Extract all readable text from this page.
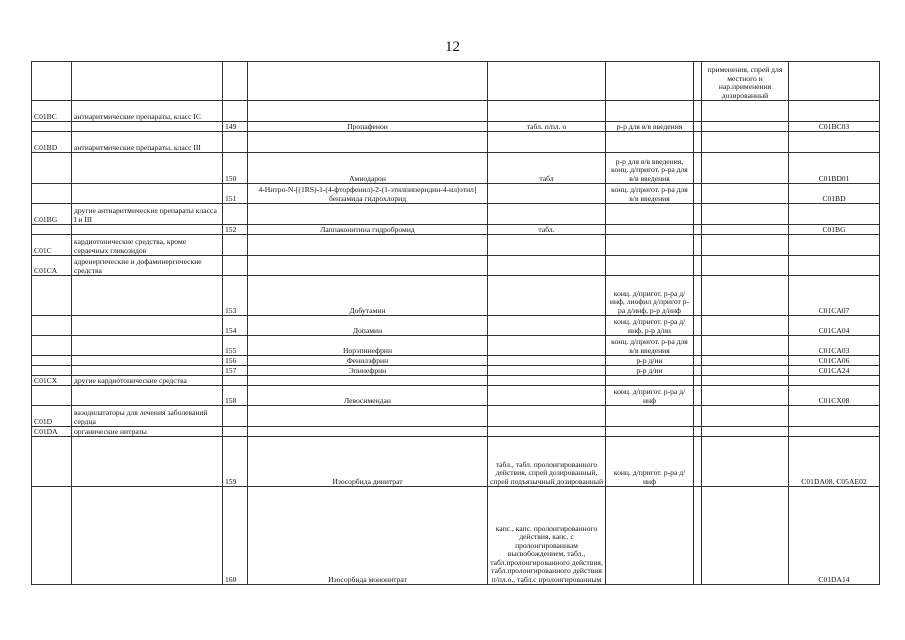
12
							применения, спрей для местного и нар.применения дозированный	
C01BC	антиаритмические препараты, класс IC							
		149	Пропафенон	табл. п/пл. о	р-р для в/в введения			C01BC03
C01BD	антиаритмические препараты, класс III							
		150	Амиодарон	табл	р-р для в/в введения, конц. д/пригот. р-ра для в/в введения			C01BD01
		151	4-Нитро-N-[(1RS)-1-(4-фторфенил)-2-(1-этилпиперидин-4-ил)этил] бензамида гидрохлорид		конц. д/пригот. р-ра для в/в введения			C01BD
C01BG	другие антиаритмические препараты класса I и III							
		152	Лаппаконитина гидробромид	табл.				C01BG
C01C	кардиотонические средства, кроме сердечных гликозидов							
C01CA	адренергические и дофаминергические средства							
		153	Добутамин		конц. д/пригот. р-ра д/инф, лиофил д/пригот р-ра д/инф, р-р д/инф			C01CA07
		154	Допамин		конц. д/пригот. р-ра д/инф, р-р д/ин			C01CA04
		155	Норэпинефрин		конц. д/пригот. р-ра для в/в введения			C01CA03
		156	Фенилэфрин		р-р д/ин			C01CA06
		157	Эпинефрин		р-р д/ин			C01CA24
C01CX	другие кардиотонические средства							
		158	Левосимендан		конц. д/пригот. р-ра д/инф			C01CX08
C01D	вазодилататоры для лечения заболеваний сердца							
C01DA	органические нитраты							
		159	Изосорбида динитрат	табл., табл. пролонгированного действия, спрей дозированный, спрей подъязычный дозированный	конц. д/пригот. р-ра д/инф			C01DA08, C05AE02
		160	Изосорбида мононитрат	капс., капс. пролонгированного действия, капс. с пролонгированным высвобождением, табл., табл.пролонгированного действия, табл.пролонгированного действия п/пл.о., табл.с пролонгированным				C01DA14
